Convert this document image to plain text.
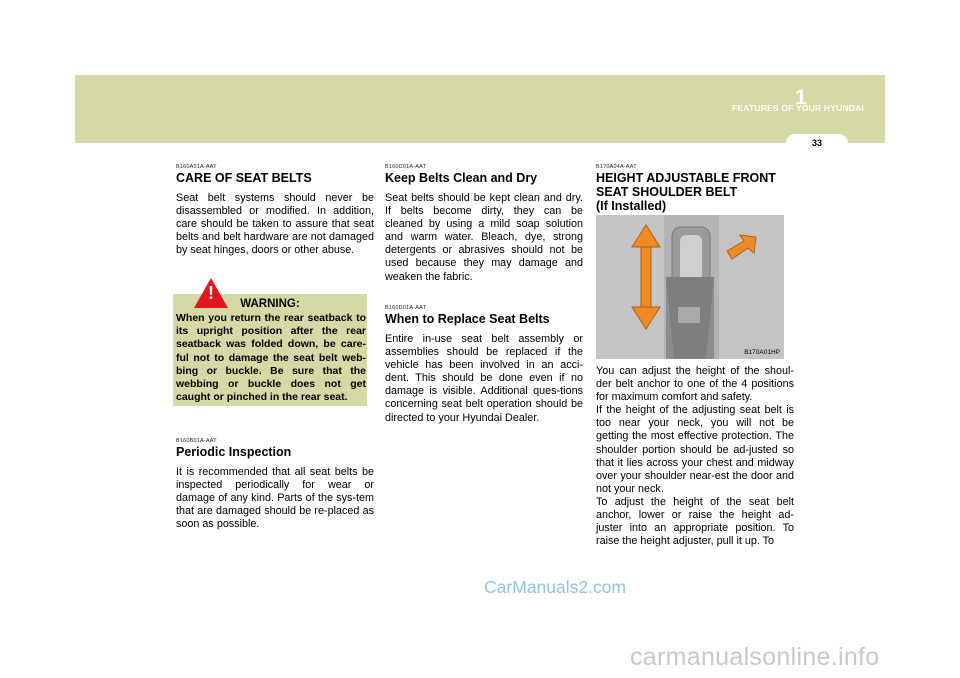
FEATURES OF YOUR HYUNDAI
1
33
B160A01A-AAT
CARE OF SEAT BELTS

Seat belt systems should never be disassembled or modified. In addition, care should be taken to assure that seat belts and belt hardware are not damaged by seat hinges, doors or other abuse.

!
WARNING:
When you return the rear seatback to its upright position after the rear seatback was folded down, be care-ful not to damage the seat belt web-bing or buckle. Be sure that the webbing or buckle does not get caught or pinched in the rear seat.
B160B01A-AAT
Periodic Inspection

It is recommended that all seat belts be inspected periodically for wear or damage of any kind. Parts of the sys-tem that are damaged should be re-placed as soon as possible.

B160C01A-AAT
Keep Belts Clean and Dry

Seat belts should be kept clean and dry. If belts become dirty, they can be cleaned by using a mild soap solution and warm water. Bleach, dye, strong detergents or abrasives should not be used because they may damage and weaken the fabric.

B160D01A-AAT
When to Replace Seat Belts

Entire in-use seat belt assembly or assemblies should be replaced if the vehicle has been involved in an acci-dent. This should be done even if no damage is visible. Additional ques-tions concerning seat belt operation should be directed to your Hyundai Dealer.

B170A04A-AAT
HEIGHT ADJUSTABLE FRONT
SEAT SHOULDER BELT
(If Installed)
B170A01HP

You can adjust the height of the shoul-der belt anchor to one of the 4 positions for maximum comfort and safety.

If the height of the adjusting seat belt is too near your neck, you will not be getting the most effective protection. The shoulder portion should be ad-justed so that it lies across your chest and midway over your shoulder near-est the door and not your neck.

To adjust the height of the seat belt anchor, lower or raise the height ad-juster into an appropriate position. To raise the height adjuster, pull it up. To

CarManuals2.com
carmanualsonline.info
